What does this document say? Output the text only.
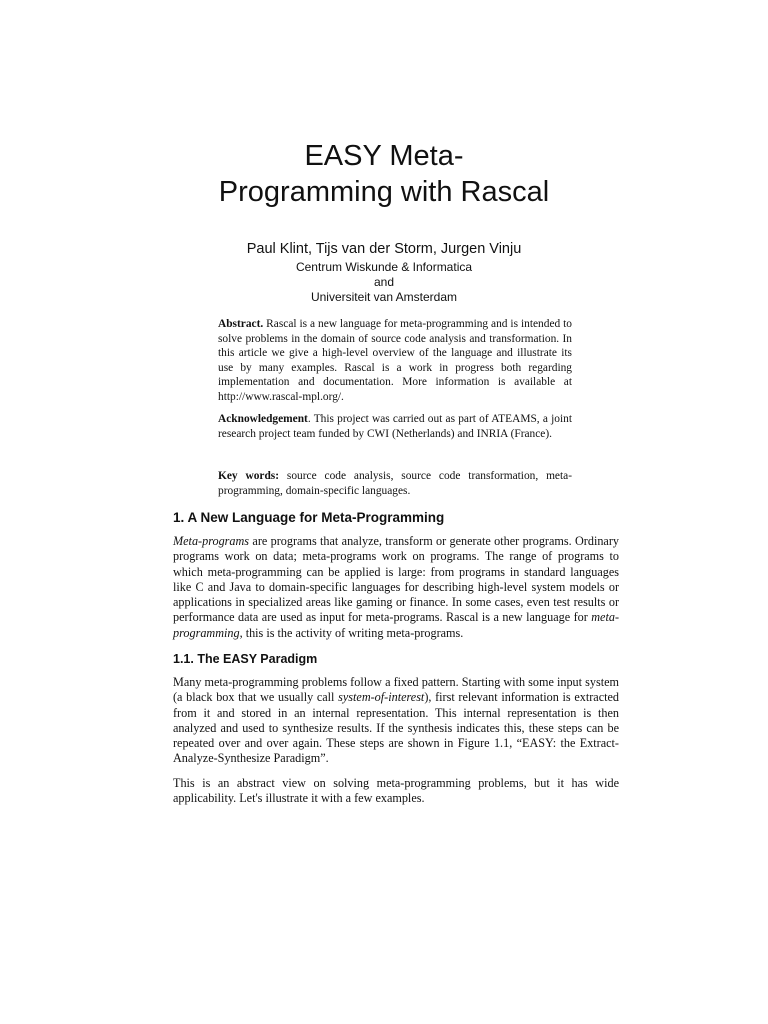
EASY Meta-
Programming with Rascal
Paul Klint, Tijs van der Storm, Jurgen Vinju
Centrum Wiskunde & Informatica
and
Universiteit van Amsterdam
Abstract. Rascal is a new language for meta-programming and is intended to solve problems in the domain of source code analysis and transformation. In this article we give a high-level overview of the language and illustrate its use by many examples. Rascal is a work in progress both regarding implementation and documentation. More information is available at http://www.rascal-mpl.org/.
Acknowledgement. This project was carried out as part of ATEAMS, a joint research project team funded by CWI (Netherlands) and INRIA (France).
Key words: source code analysis, source code transformation, meta-programming, domain-specific languages.
1. A New Language for Meta-Programming
Meta-programs are programs that analyze, transform or generate other programs. Ordinary programs work on data; meta-programs work on programs. The range of programs to which meta-programming can be applied is large: from programs in standard languages like C and Java to domain-specific languages for describing high-level system models or applications in specialized areas like gaming or finance. In some cases, even test results or performance data are used as input for meta-programs. Rascal is a new language for meta-programming, this is the activity of writing meta-programs.
1.1. The EASY Paradigm
Many meta-programming problems follow a fixed pattern. Starting with some input system (a black box that we usually call system-of-interest), first relevant information is extracted from it and stored in an internal representation. This internal representation is then analyzed and used to synthesize results. If the synthesis indicates this, these steps can be repeated over and over again. These steps are shown in Figure 1.1, “EASY: the Extract-Analyze-Synthesize Paradigm”.
This is an abstract view on solving meta-programming problems, but it has wide applicability. Let's illustrate it with a few examples.
